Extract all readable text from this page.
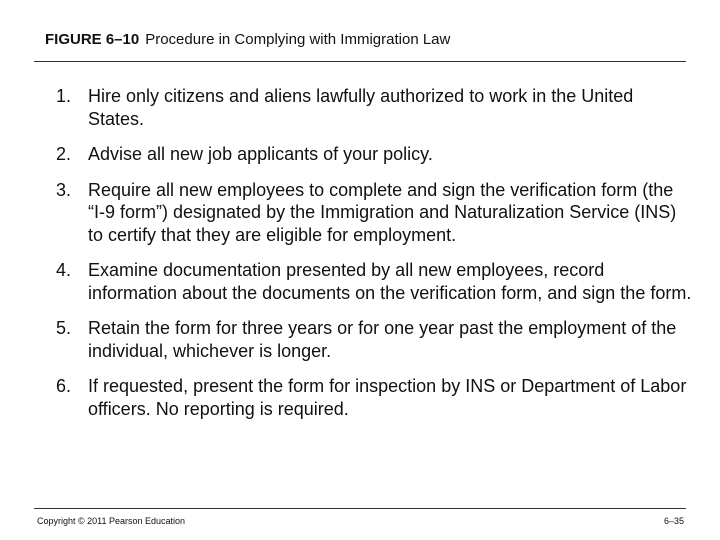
FIGURE 6–10 Procedure in Complying with Immigration Law
1. Hire only citizens and aliens lawfully authorized to work in the United States.
2. Advise all new job applicants of your policy.
3. Require all new employees to complete and sign the verification form (the “I-9 form”) designated by the Immigration and Naturalization Service (INS) to certify that they are eligible for employment.
4. Examine documentation presented by all new employees, record information about the documents on the verification form, and sign the form.
5. Retain the form for three years or for one year past the employment of the individual, whichever is longer.
6. If requested, present the form for inspection by INS or Department of Labor officers. No reporting is required.
Copyright © 2011 Pearson Education	6–35
